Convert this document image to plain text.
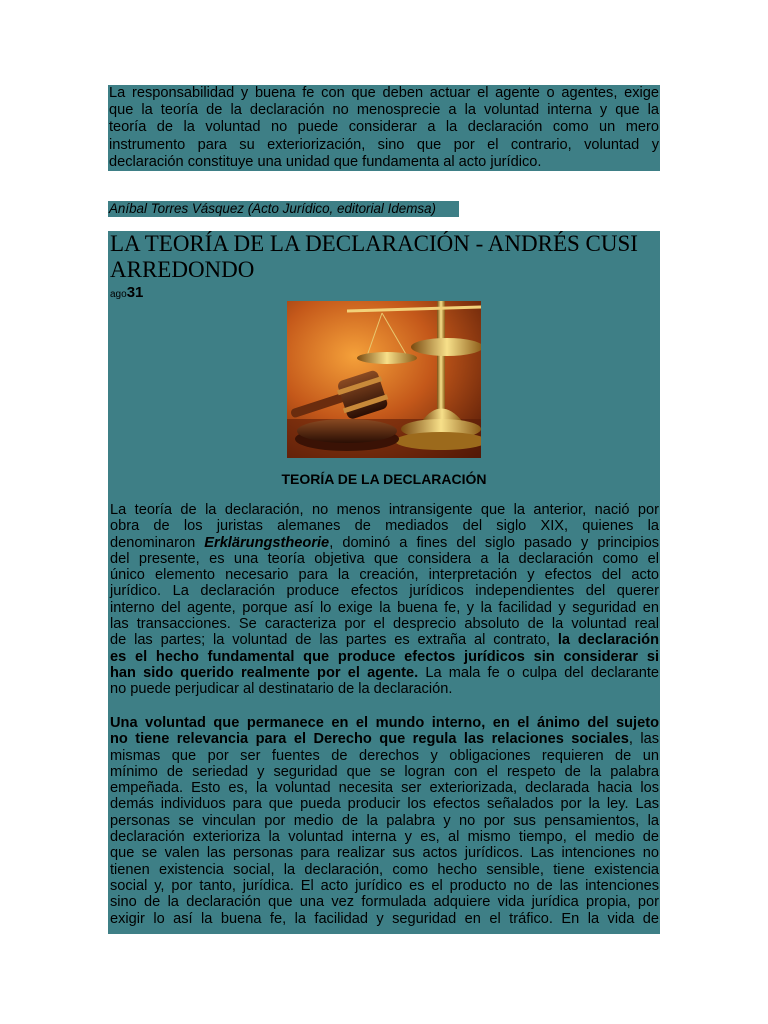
La responsabilidad y buena fe con que deben actuar el agente o agentes, exige
que la teoría de la declaración no menosprecie a la voluntad interna y que la
teoría de la voluntad no puede considerar a la declaración como un mero
instrumento para su exteriorización, sino que por el contrario, voluntad y
declaración constituye una unidad que fundamenta al acto jurídico.
Aníbal Torres Vásquez (Acto Jurídico, editorial Idemsa)
LA TEORÍA DE LA DECLARACIÓN - ANDRÉS CUSI
ARREDONDO
ago31
TEORÍA DE LA DECLARACIÓN
La teoría de la declaración, no menos intransigente que la anterior, nació por
obra de los juristas alemanes de mediados del siglo XIX, quienes la
denominaron Erklärungstheorie, dominó a fines del siglo pasado y principios
del presente, es una teoría objetiva que considera a la declaración como el
único elemento necesario para la creación, interpretación y efectos del acto
jurídico. La declaración produce efectos jurídicos independientes del querer
interno del agente, porque así lo exige la buena fe, y la facilidad y seguridad en
las transacciones. Se caracteriza por el desprecio absoluto de la voluntad real
de las partes; la voluntad de las partes es extraña al contrato, la declaración
es el hecho fundamental que produce efectos jurídicos sin considerar si
han sido querido realmente por el agente. La mala fe o culpa del declarante
no puede perjudicar al destinatario de la declaración.
Una voluntad que permanece en el mundo interno, en el ánimo del sujeto
no tiene relevancia para el Derecho que regula las relaciones sociales, las
mismas que por ser fuentes de derechos y obligaciones requieren de un
mínimo de seriedad y seguridad que se logran con el respeto de la palabra
empeñada. Esto es, la voluntad necesita ser exteriorizada, declarada hacia los
demás individuos para que pueda producir los efectos señalados por la ley. Las
personas se vinculan por medio de la palabra y no por sus pensamientos, la
declaración exterioriza la voluntad interna y es, al mismo tiempo, el medio de
que se valen las personas para realizar sus actos jurídicos. Las intenciones no
tienen existencia social, la declaración, como hecho sensible, tiene existencia
social y, por tanto, jurídica. El acto jurídico es el producto no de las intenciones
sino de la declaración que una vez formulada adquiere vida jurídica propia, por
exigir lo así la buena fe, la facilidad y seguridad en el tráfico. En la vida de
